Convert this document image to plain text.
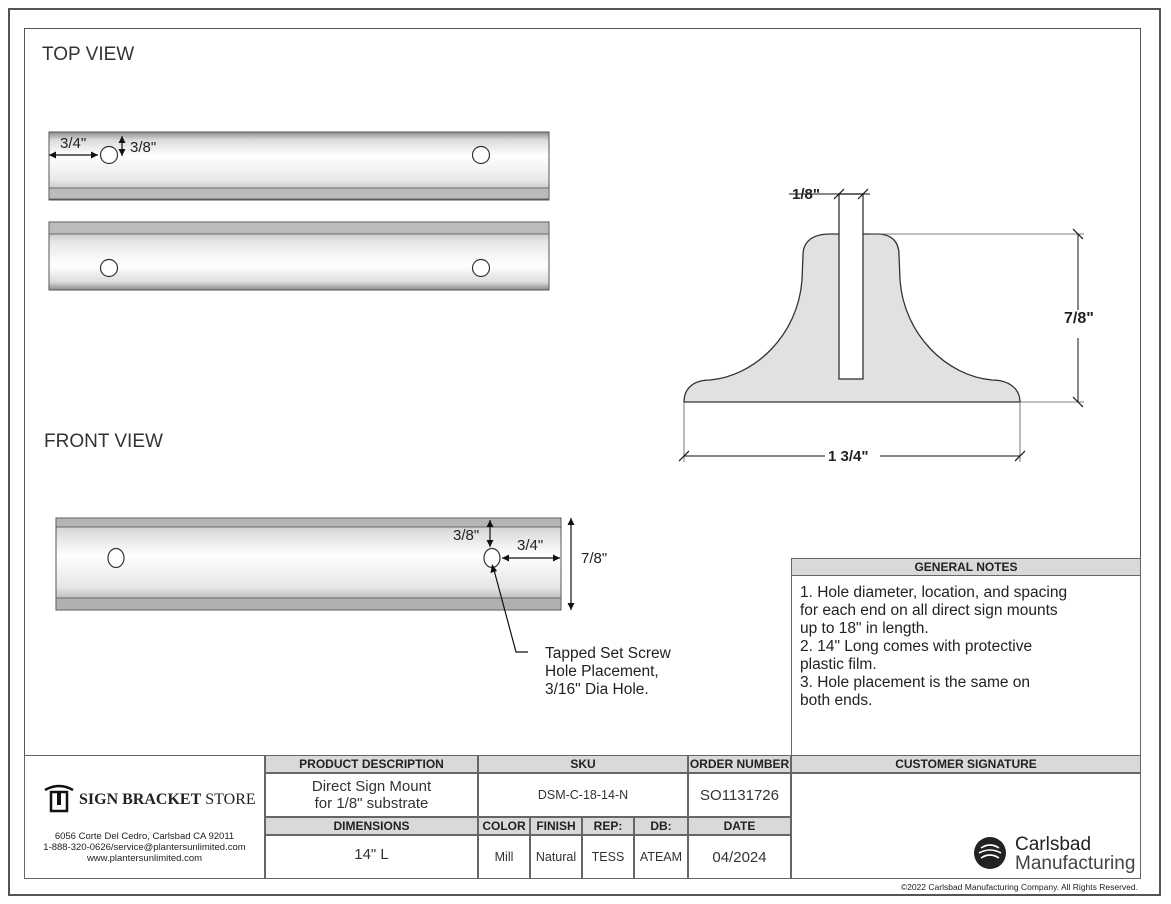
TOP VIEW
FRONT VIEW
3/4"	3/8"
1/8"
7/8"
1 3/4"
3/8"
3/4"
7/8"
Tapped Set Screw
Hole Placement,
3/16" Dia Hole.
GENERAL NOTES
1. Hole diameter, location, and spacing
for each end on all direct sign mounts
up to 18" in length.
2. 14" Long comes with protective
plastic film.
3. Hole placement is the same on
both ends.
SIGN BRACKET STORE
6056 Corte Del Cedro, Carlsbad CA 92011
1-888-320-0626/service@plantersunlimited.com
www.plantersunlimited.com
PRODUCT DESCRIPTION
Direct Sign Mount
for 1/8" substrate
SKU
DSM-C-18-14-N
ORDER NUMBER
SO1131726
CUSTOMER SIGNATURE
DIMENSIONS
14" L
COLOR
Mill
FINISH
Natural
REP:
TESS
DB:
ATEAM
DATE
04/2024
Carlsbad
Manufacturing
©2022 Carlsbad Manufacturing Company. All Rights Reserved.
